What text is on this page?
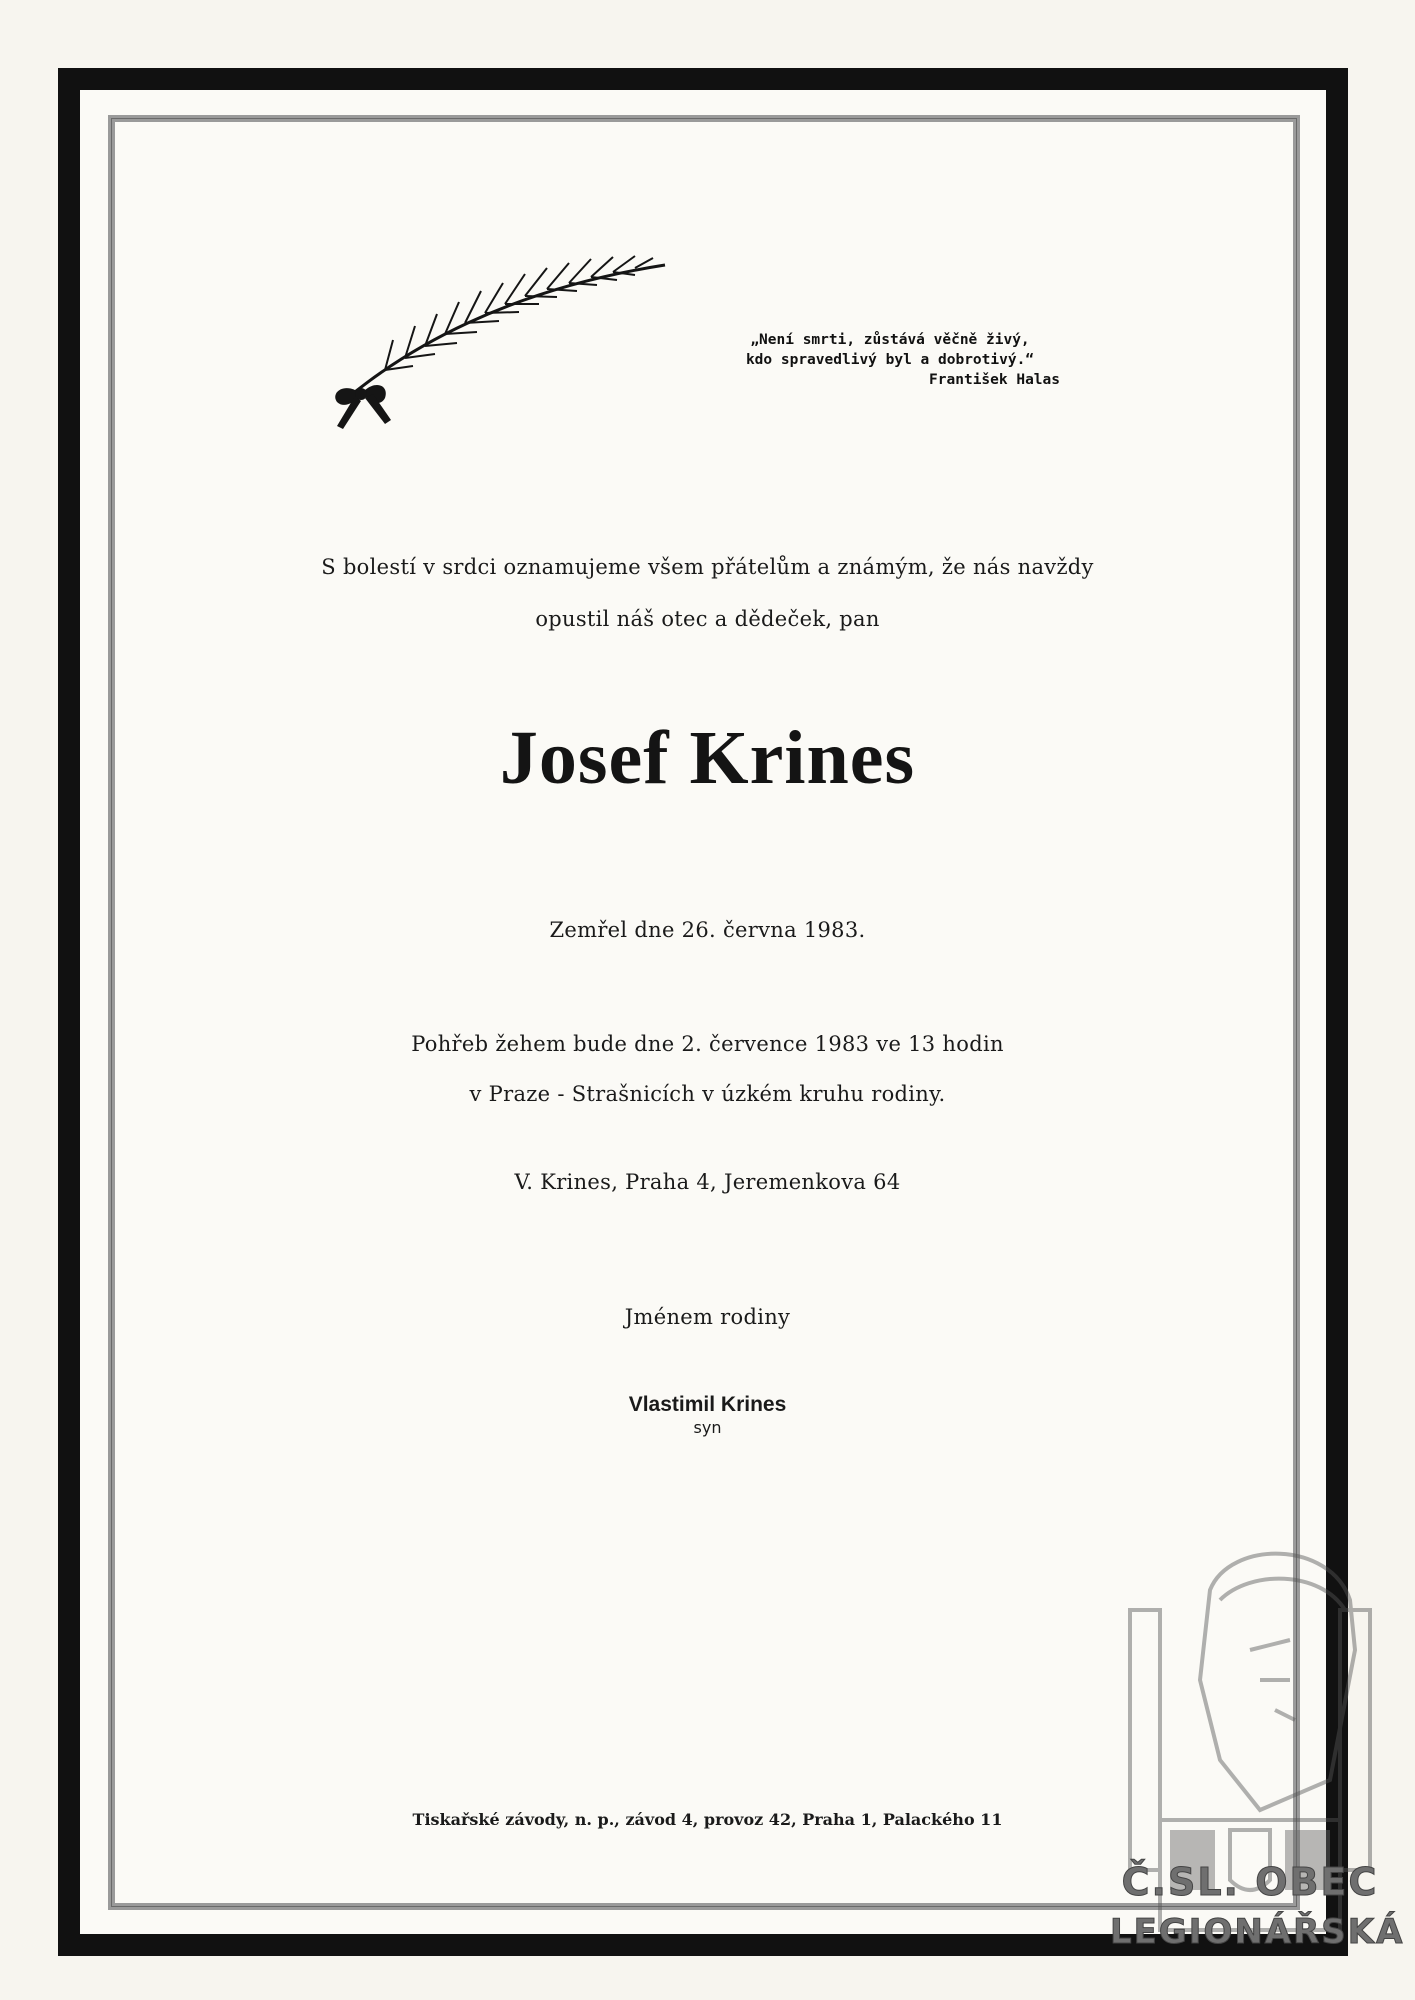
„Není smrti, zůstává věčně živý,
kdo spravedlivý byl a dobrotivý.“
František Halas
S bolestí v srdci oznamujeme všem přátelům a známým, že nás navždy
opustil náš otec a dědeček, pan
Josef Krines
Zemřel dne 26. června 1983.
Pohřeb žehem bude dne 2. července 1983 ve 13 hodin
v Praze - Strašnicích v úzkém kruhu rodiny.
V. Krines, Praha 4, Jeremenkova 64
Jménem rodiny
Vlastimil Krines
syn
Tiskařské závody, n. p., závod 4, provoz 42, Praha 1, Palackého 11
Č.SL. OBEC
LEGIONÁŘSKÁ
